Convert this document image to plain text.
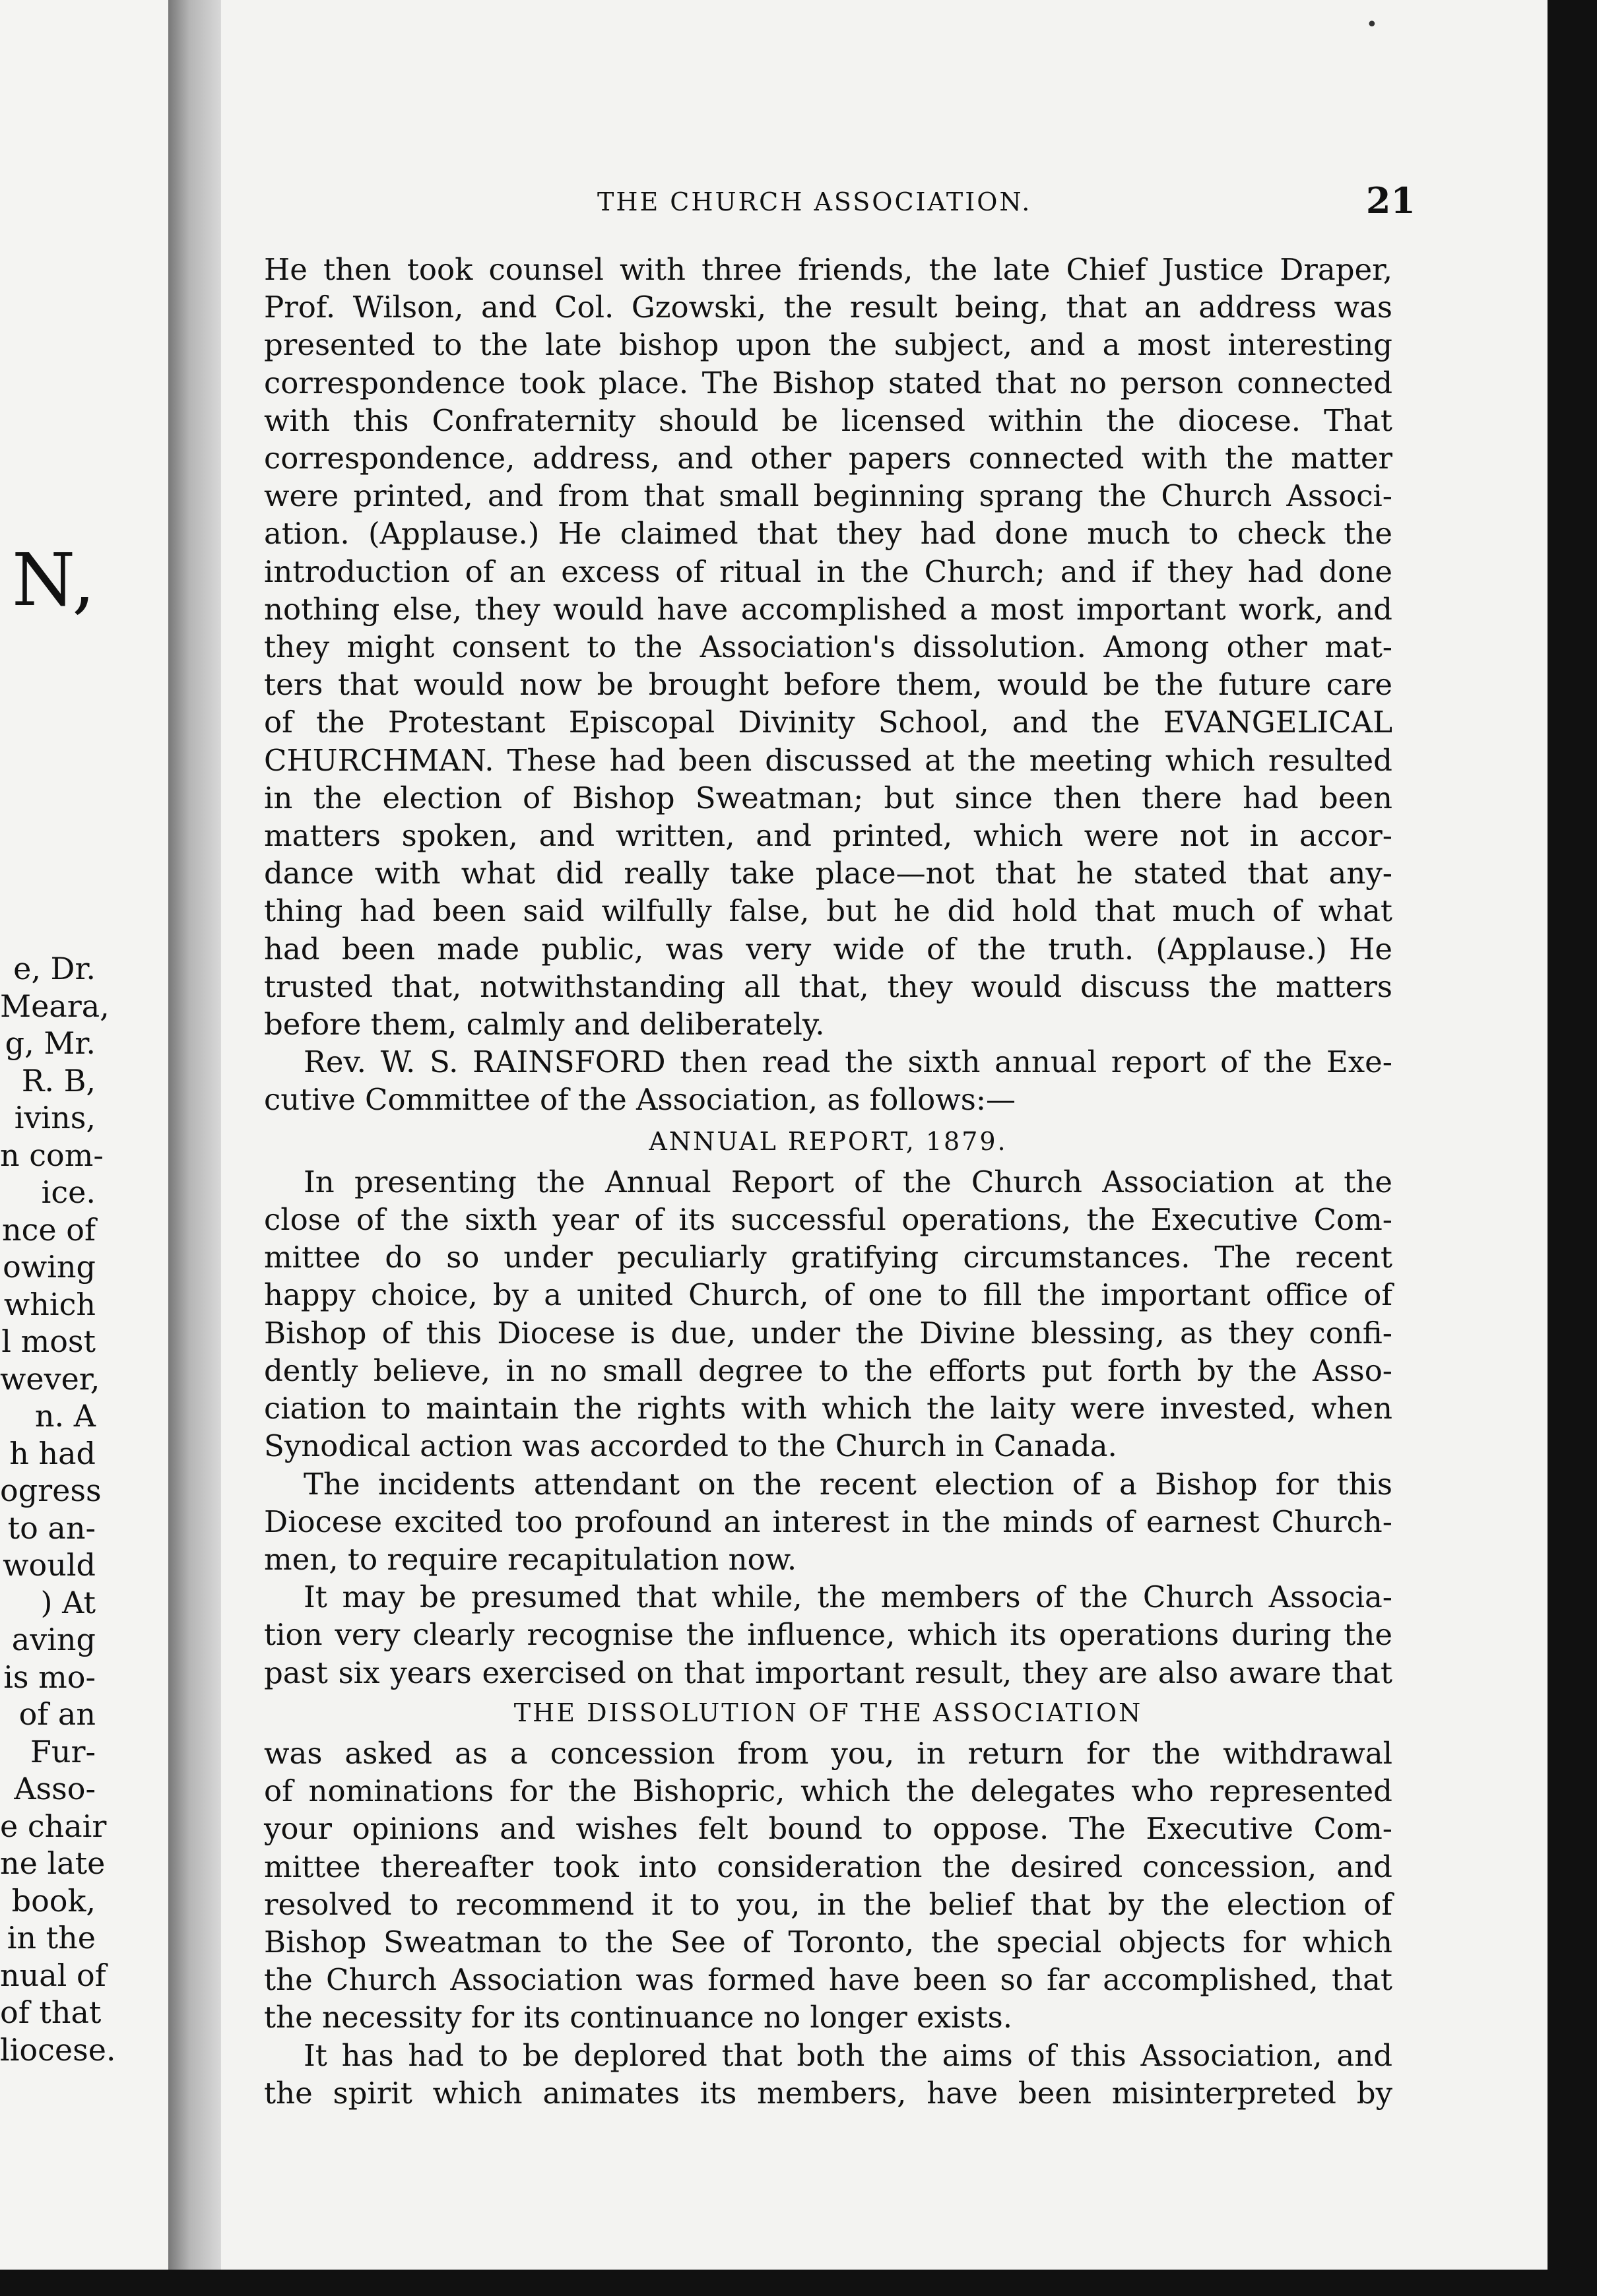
N,
e, Dr.
Meara,
g, Mr.
R. B,
ivins,
n com-
ice.
nce of
owing
which
l most
wever,
n. A
h had
ogress
to an-
would
) At
aving
is mo-
of an
Fur-
Asso-
e chair
ne late
book,
in the
nual of
of that
liocese.
•
THE CHURCH ASSOCIATION.	21
He then took counsel with three friends, the late Chief Justice Draper,
Prof. Wilson, and Col. Gzowski, the result being, that an address was
presented to the late bishop upon the subject, and a most interesting
correspondence took place. The Bishop stated that no person connected
with this Confraternity should be licensed within the diocese. That
correspondence, address, and other papers connected with the matter
were printed, and from that small beginning sprang the Church Associ-
ation. (Applause.) He claimed that they had done much to check the
introduction of an excess of ritual in the Church; and if they had done
nothing else, they would have accomplished a most important work, and
they might consent to the Association's dissolution. Among other mat-
ters that would now be brought before them, would be the future care
of the Protestant Episcopal Divinity School, and the EVANGELICAL
CHURCHMAN. These had been discussed at the meeting which resulted
in the election of Bishop Sweatman; but since then there had been
matters spoken, and written, and printed, which were not in accor-
dance with what did really take place—not that he stated that any-
thing had been said wilfully false, but he did hold that much of what
had been made public, was very wide of the truth. (Applause.) He
trusted that, notwithstanding all that, they would discuss the matters
before them, calmly and deliberately.
Rev. W. S. RAINSFORD then read the sixth annual report of the Exe-
cutive Committee of the Association, as follows:—
ANNUAL REPORT, 1879.
In presenting the Annual Report of the Church Association at the
close of the sixth year of its successful operations, the Executive Com-
mittee do so under peculiarly gratifying circumstances. The recent
happy choice, by a united Church, of one to fill the important office of
Bishop of this Diocese is due, under the Divine blessing, as they confi-
dently believe, in no small degree to the efforts put forth by the Asso-
ciation to maintain the rights with which the laity were invested, when
Synodical action was accorded to the Church in Canada.
The incidents attendant on the recent election of a Bishop for this
Diocese excited too profound an interest in the minds of earnest Church-
men, to require recapitulation now.
It may be presumed that while, the members of the Church Associa-
tion very clearly recognise the influence, which its operations during the
past six years exercised on that important result, they are also aware that
THE DISSOLUTION OF THE ASSOCIATION
was asked as a concession from you, in return for the withdrawal
of nominations for the Bishopric, which the delegates who represented
your opinions and wishes felt bound to oppose. The Executive Com-
mittee thereafter took into consideration the desired concession, and
resolved to recommend it to you, in the belief that by the election of
Bishop Sweatman to the See of Toronto, the special objects for which
the Church Association was formed have been so far accomplished, that
the necessity for its continuance no longer exists.
It has had to be deplored that both the aims of this Association, and
the spirit which animates its members, have been misinterpreted by
